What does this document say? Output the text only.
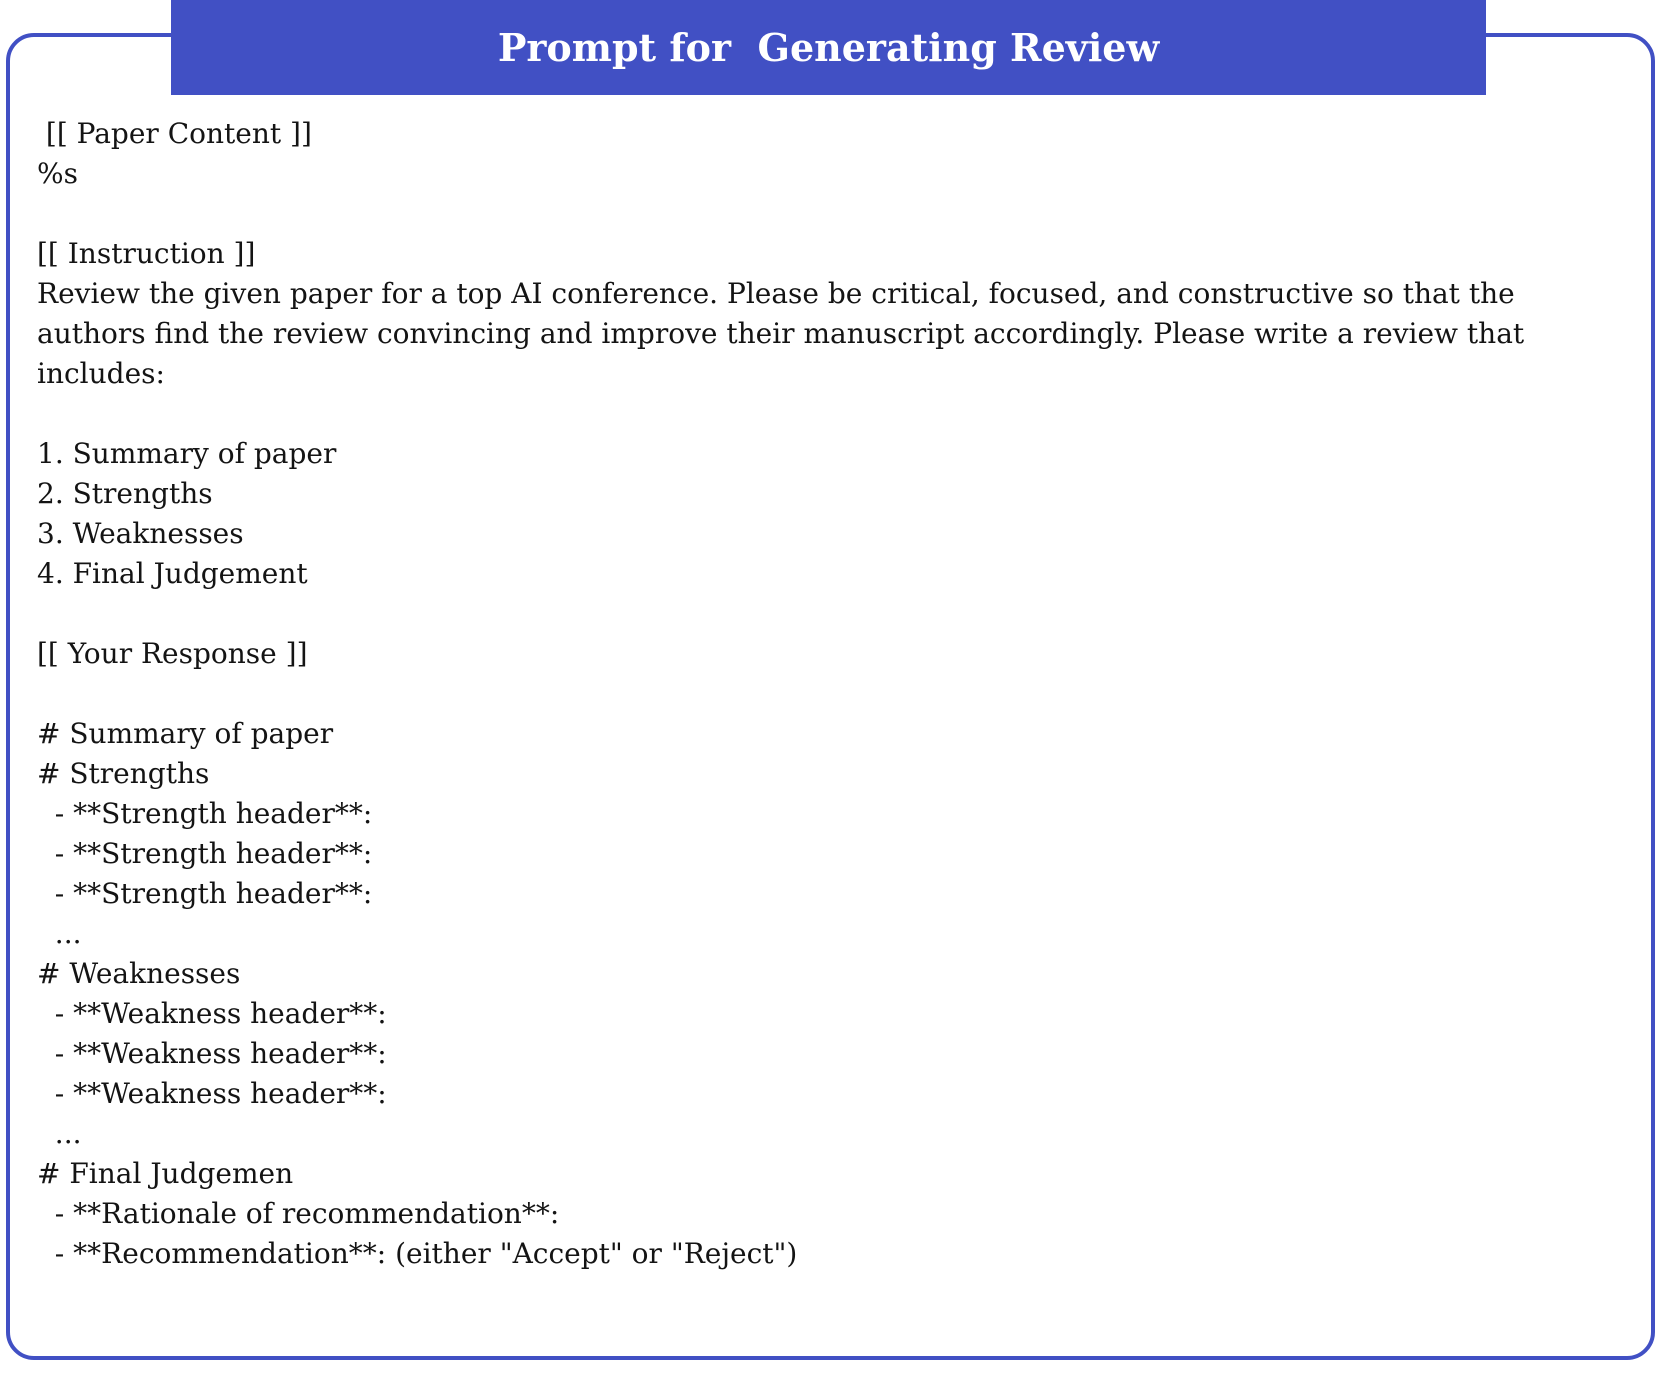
Prompt for  Generating Review
[[ Paper Content ]]
%s
[[ Instruction ]]
Review the given paper for a top AI conference. Please be critical, focused, and constructive so that the authors find the review convincing and improve their manuscript accordingly. Please write a review that includes:
1. Summary of paper
2. Strengths
3. Weaknesses
4. Final Judgement
[[ Your Response ]]
# Summary of paper
# Strengths
- **Strength header**:
- **Strength header**:
- **Strength header**:
...
# Weaknesses
- **Weakness header**:
- **Weakness header**:
- **Weakness header**:
...
# Final Judgemen
- **Rationale of recommendation**:
- **Recommendation**: (either "Accept" or "Reject")
